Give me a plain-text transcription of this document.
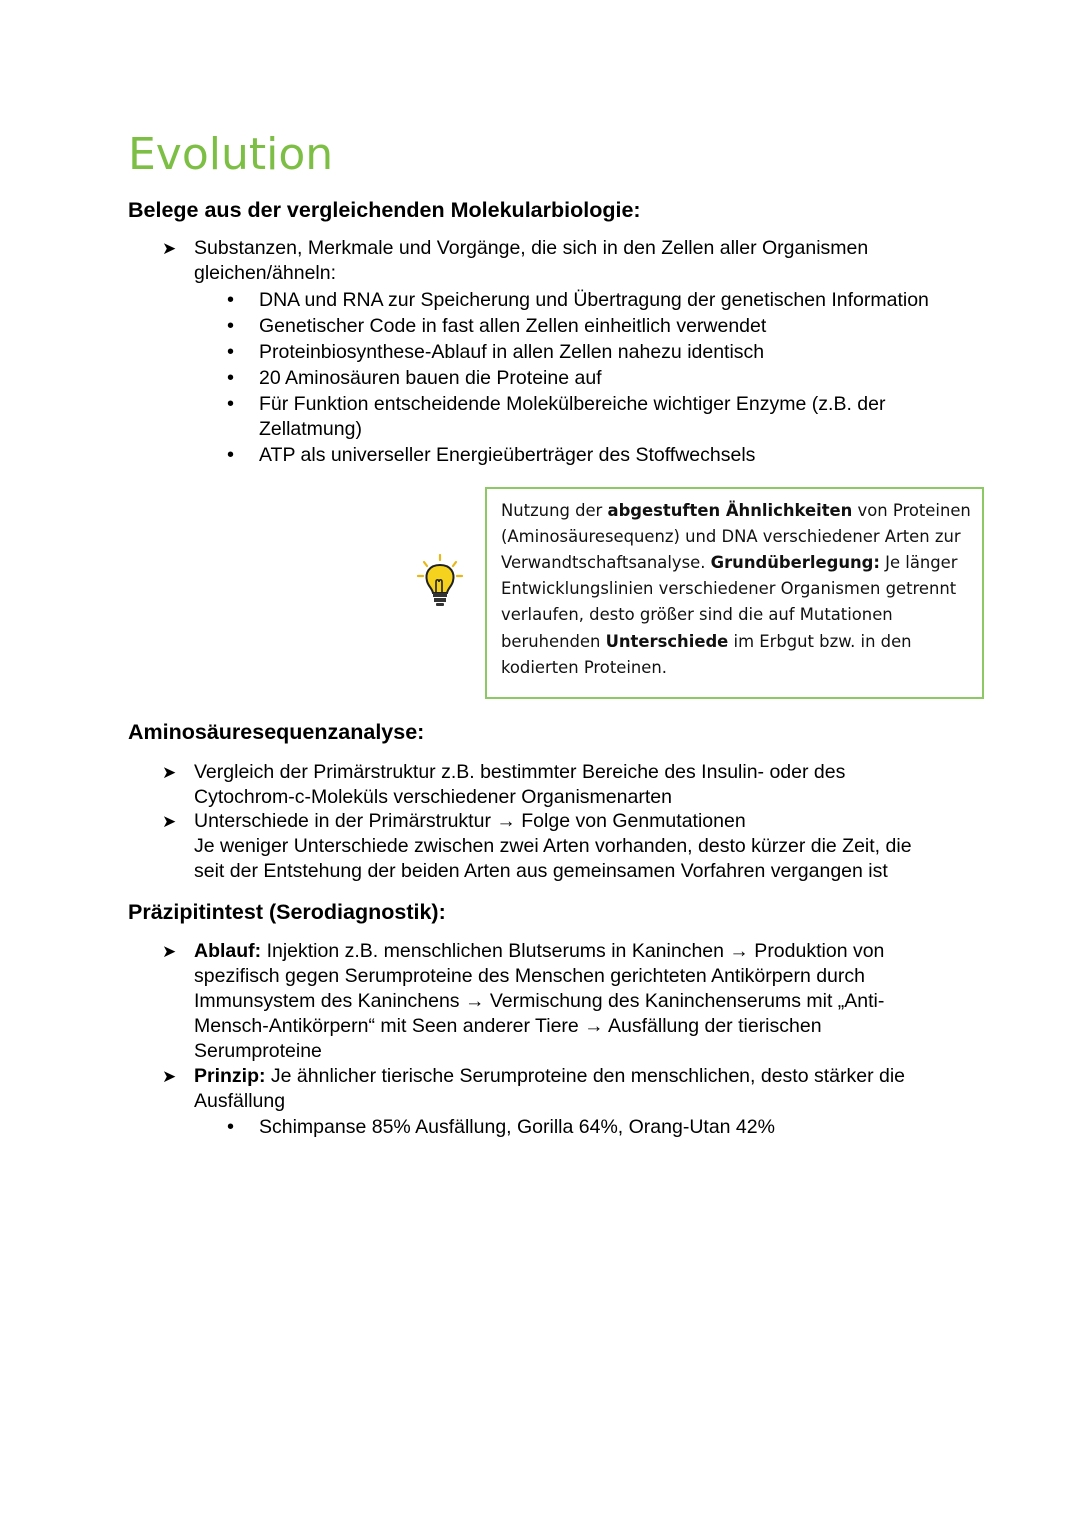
Evolution
Belege aus der vergleichenden Molekularbiologie:
➤ Substanzen, Merkmale und Vorgänge, die sich in den Zellen aller Organismen
gleichen/ähneln:
• DNA und RNA zur Speicherung und Übertragung der genetischen Information
• Genetischer Code in fast allen Zellen einheitlich verwendet
• Proteinbiosynthese-Ablauf in allen Zellen nahezu identisch
• 20 Aminosäuren bauen die Proteine auf
• Für Funktion entscheidende Molekülbereiche wichtiger Enzyme (z.B. der
Zellatmung)
• ATP als universeller Energieüberträger des Stoffwechsels
Nutzung der abgestuften Ähnlichkeiten von Proteinen
(Aminosäuresequenz) und DNA verschiedener Arten zur
Verwandtschaftsanalyse. Grundüberlegung: Je länger
Entwicklungslinien verschiedener Organismen getrennt
verlaufen, desto größer sind die auf Mutationen
beruhenden Unterschiede im Erbgut bzw. in den
kodierten Proteinen.
Aminosäuresequenzanalyse:
➤ Vergleich der Primärstruktur z.B. bestimmter Bereiche des Insulin- oder des
Cytochrom-c-Moleküls verschiedener Organismenarten
➤ Unterschiede in der Primärstruktur → Folge von Genmutationen
Je weniger Unterschiede zwischen zwei Arten vorhanden, desto kürzer die Zeit, die
seit der Entstehung der beiden Arten aus gemeinsamen Vorfahren vergangen ist
Präzipitintest (Serodiagnostik):
➤ Ablauf: Injektion z.B. menschlichen Blutserums in Kaninchen → Produktion von
spezifisch gegen Serumproteine des Menschen gerichteten Antikörpern durch
Immunsystem des Kaninchens → Vermischung des Kaninchenserums mit „Anti-
Mensch-Antikörpern“ mit Seen anderer Tiere → Ausfällung der tierischen
Serumproteine
➤ Prinzip: Je ähnlicher tierische Serumproteine den menschlichen, desto stärker die
Ausfällung
• Schimpanse 85% Ausfällung, Gorilla 64%, Orang-Utan 42%
